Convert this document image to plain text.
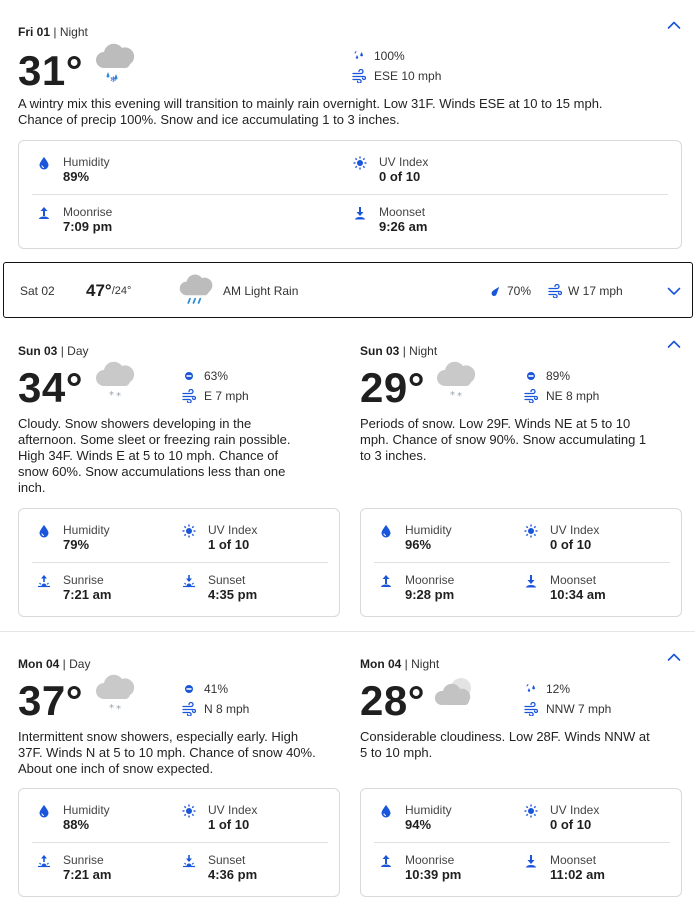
Fri 01 | Night
31°	100%
ESE 10 mph
A wintry mix this evening will transition to mainly rain overnight. Low 31F. Winds ESE at 10 to 15 mph. Chance of precip 100%. Snow and ice accumulating 1 to 3 inches.
Humidity
89%
UV Index
0 of 10
Moonrise
7:09 pm
Moonset
9:26 am
Sat 02 47° /24°	AM Light Rain	70%	W 17 mph
Sun 03 | Day
34°	63%
E 7 mph
Cloudy. Snow showers developing in the afternoon. Some sleet or freezing rain possible. High 34F. Winds E at 5 to 10 mph. Chance of snow 60%. Snow accumulations less than one inch.
Humidity
79%
UV Index
1 of 10
Sunrise
7:21 am
Sunset
4:35 pm
Sun 03 | Night
29°	89%
NE 8 mph
Periods of snow. Low 29F. Winds NE at 5 to 10 mph. Chance of snow 90%. Snow accumulating 1 to 3 inches.
Humidity
96%
UV Index
0 of 10
Moonrise
9:28 pm
Moonset
10:34 am
Mon 04 | Day
37°	41%
N 8 mph
Intermittent snow showers, especially early. High 37F. Winds N at 5 to 10 mph. Chance of snow 40%. About one inch of snow expected.
Humidity
88%
UV Index
1 of 10
Sunrise
7:21 am
Sunset
4:36 pm
Mon 04 | Night
28°	12%
NNW 7 mph
Considerable cloudiness. Low 28F. Winds NNW at 5 to 10 mph.
Humidity
94%
UV Index
0 of 10
Moonrise
10:39 pm
Moonset
11:02 am
